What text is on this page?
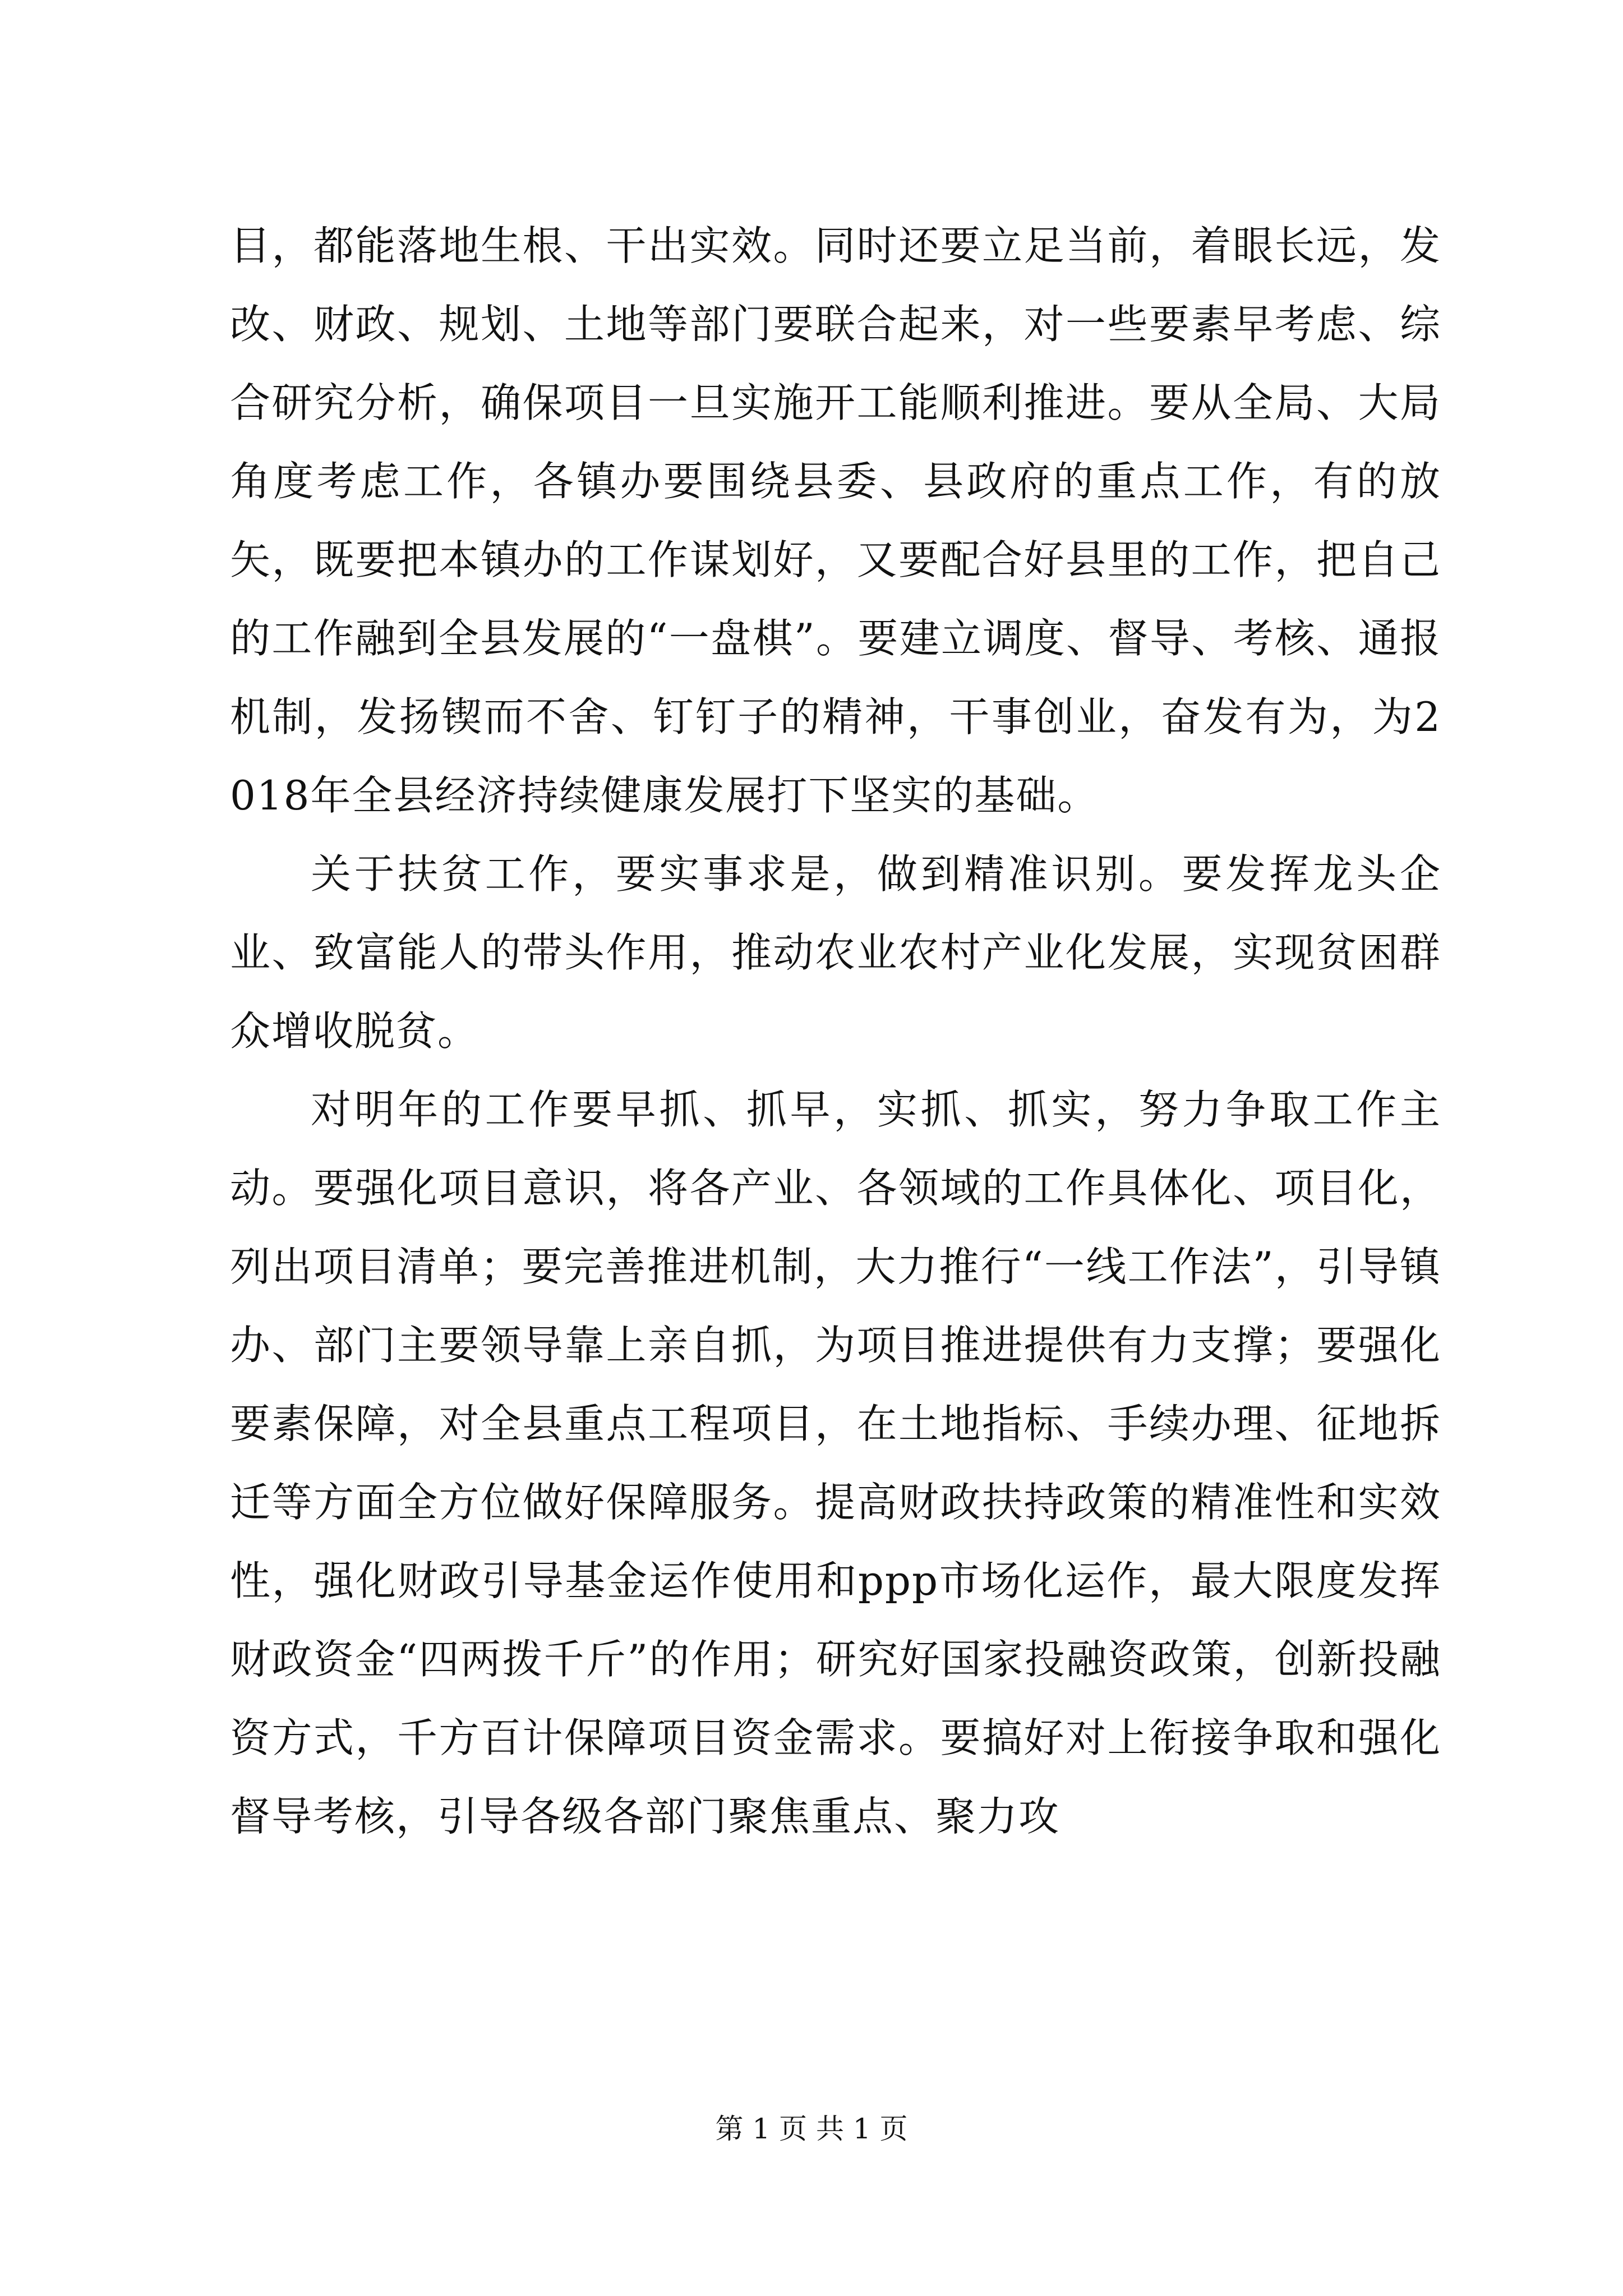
目，都能落地生根、干出实效。同时还要立足当前，着眼长远，发改、财政、规划、土地等部门要联合起来，对一些要素早考虑、综合研究分析，确保项目一旦实施开工能顺利推进。要从全局、大局角度考虑工作，各镇办要围绕县委、县政府的重点工作，有的放矢，既要把本镇办的工作谋划好，又要配合好县里的工作，把自己的工作融到全县发展的“一盘棋”。要建立调度、督导、考核、通报机制，发扬锲而不舍、钉钉子的精神，干事创业，奋发有为，为2018年全县经济持续健康发展打下坚实的基础。

关于扶贫工作，要实事求是，做到精准识别。要发挥龙头企业、致富能人的带头作用，推动农业农村产业化发展，实现贫困群众增收脱贫。

对明年的工作要早抓、抓早，实抓、抓实，努力争取工作主动。要强化项目意识，将各产业、各领域的工作具体化、项目化，列出项目清单；要完善推进机制，大力推行“一线工作法”，引导镇办、部门主要领导靠上亲自抓，为项目推进提供有力支撑；要强化要素保障，对全县重点工程项目，在土地指标、手续办理、征地拆迁等方面全方位做好保障服务。提高财政扶持政策的精准性和实效性，强化财政引导基金运作使用和ppp市场化运作，最大限度发挥财政资金“四两拨千斤”的作用；研究好国家投融资政策，创新投融资方式，千方百计保障项目资金需求。要搞好对上衔接争取和强化督导考核，引导各级各部门聚焦重点、聚力攻

第 1 页 共 1 页
